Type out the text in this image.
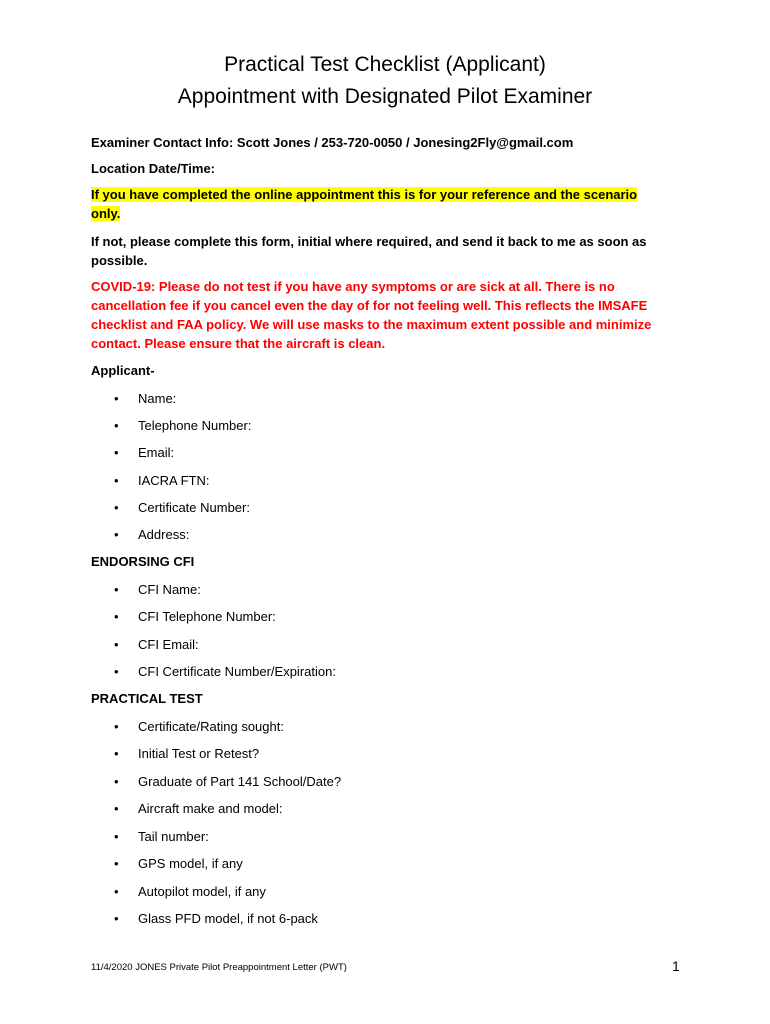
Practical Test Checklist (Applicant)
Appointment with Designated Pilot Examiner
Examiner Contact Info: Scott Jones / 253-720-0050 / Jonesing2Fly@gmail.com
Location Date/Time:
If you have completed the online appointment this is for your reference and the scenario
only.
If not, please complete this form, initial where required, and send it back to me as soon as
possible.
COVID-19: Please do not test if you have any symptoms or are sick at all. There is no
cancellation fee if you cancel even the day of for not feeling well. This reflects the IMSAFE
checklist and FAA policy. We will use masks to the maximum extent possible and minimize
contact. Please ensure that the aircraft is clean.
Applicant-
• Name:
• Telephone Number:
• Email:
• IACRA FTN:
• Certificate Number:
• Address:
ENDORSING CFI
• CFI Name:
• CFI Telephone Number:
• CFI Email:
• CFI Certificate Number/Expiration:
PRACTICAL TEST
• Certificate/Rating sought:
• Initial Test or Retest?
• Graduate of Part 141 School/Date?
• Aircraft make and model:
• Tail number:
• GPS model, if any
• Autopilot model, if any
• Glass PFD model, if not 6-pack
11/4/2020 JONES Private Pilot Preappointment Letter (PWT)	1
